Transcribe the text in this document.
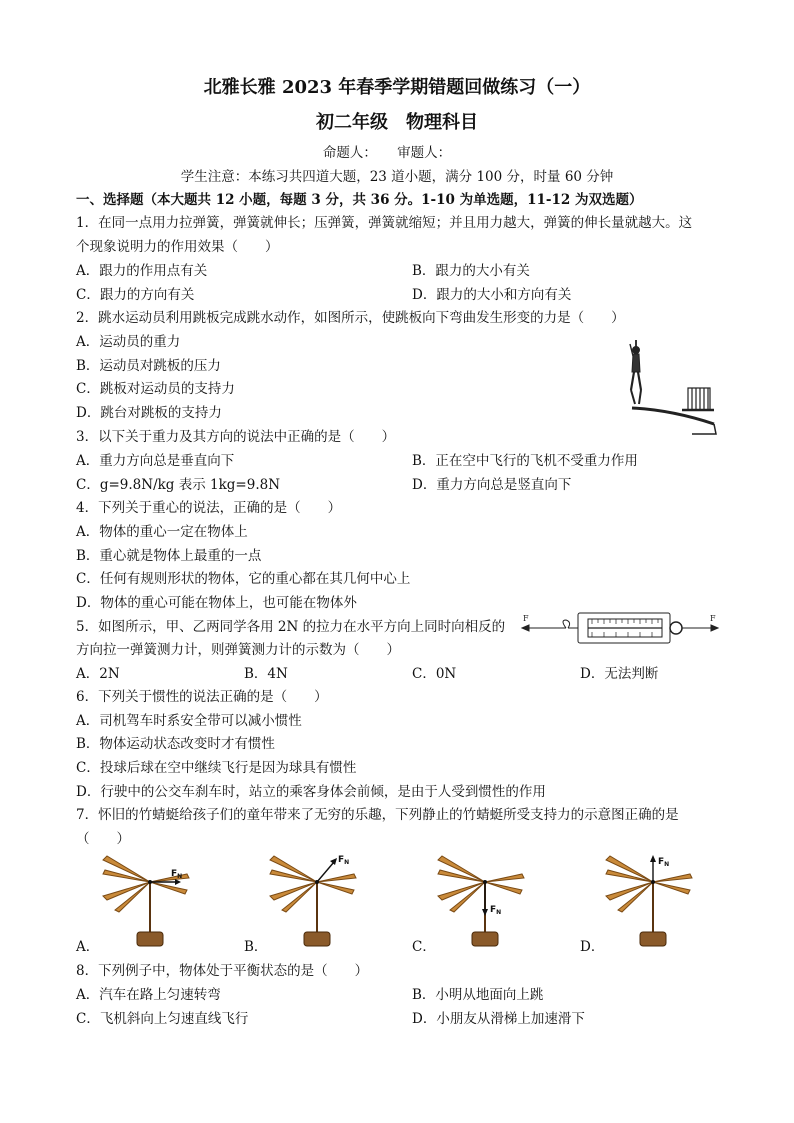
北雅长雅 2023 年春季学期错题回做练习（一）
初二年级　物理科目
命题人：　　审题人：
学生注意：本练习共四道大题，23 道小题，满分 100 分，时量 60 分钟
一、选择题（本大题共 12 小题，每题 3 分，共 36 分。1-10 为单选题，11-12 为双选题）
1．在同一点用力拉弹簧，弹簧就伸长；压弹簧，弹簧就缩短；并且用力越大，弹簧的伸长量就越大。这
个现象说明力的作用效果（　　）
A．跟力的作用点有关	B．跟力的大小有关
C．跟力的方向有关	D．跟力的大小和方向有关
2．跳水运动员利用跳板完成跳水动作，如图所示，使跳板向下弯曲发生形变的力是（　　）
A．运动员的重力
B．运动员对跳板的压力
C．跳板对运动员的支持力
D．跳台对跳板的支持力
3．以下关于重力及其方向的说法中正确的是（　　）
A．重力方向总是垂直向下	B．正在空中飞行的飞机不受重力作用
C．g=9.8N/kg 表示 1kg=9.8N	D．重力方向总是竖直向下
4．下列关于重心的说法，正确的是（　　）
A．物体的重心一定在物体上
B．重心就是物体上最重的一点
C．任何有规则形状的物体，它的重心都在其几何中心上
D．物体的重心可能在物体上，也可能在物体外
5．如图所示，甲、乙两同学各用 2N 的拉力在水平方向上同时向相反的
方向拉一弹簧测力计，则弹簧测力计的示数为（　　）
A．2N	B．4N	C．0N	D．无法判断
F	F
6．下列关于惯性的说法正确的是（　　）
A．司机驾车时系安全带可以减小惯性
B．物体运动状态改变时才有惯性
C．投球后球在空中继续飞行是因为球具有惯性
D．行驶中的公交车刹车时，站立的乘客身体会前倾，是由于人受到惯性的作用
7．怀旧的竹蜻蜓给孩子们的童年带来了无穷的乐趣，下列静止的竹蜻蜓所受支持力的示意图正确的是
（　　）
$F_N$
$F_N$
$F_N$
$F_N$
A．	B．	C．	D．
8．下列例子中，物体处于平衡状态的是（　　）
A．汽车在路上匀速转弯	B．小明从地面向上跳
C．飞机斜向上匀速直线飞行	D．小朋友从滑梯上加速滑下
